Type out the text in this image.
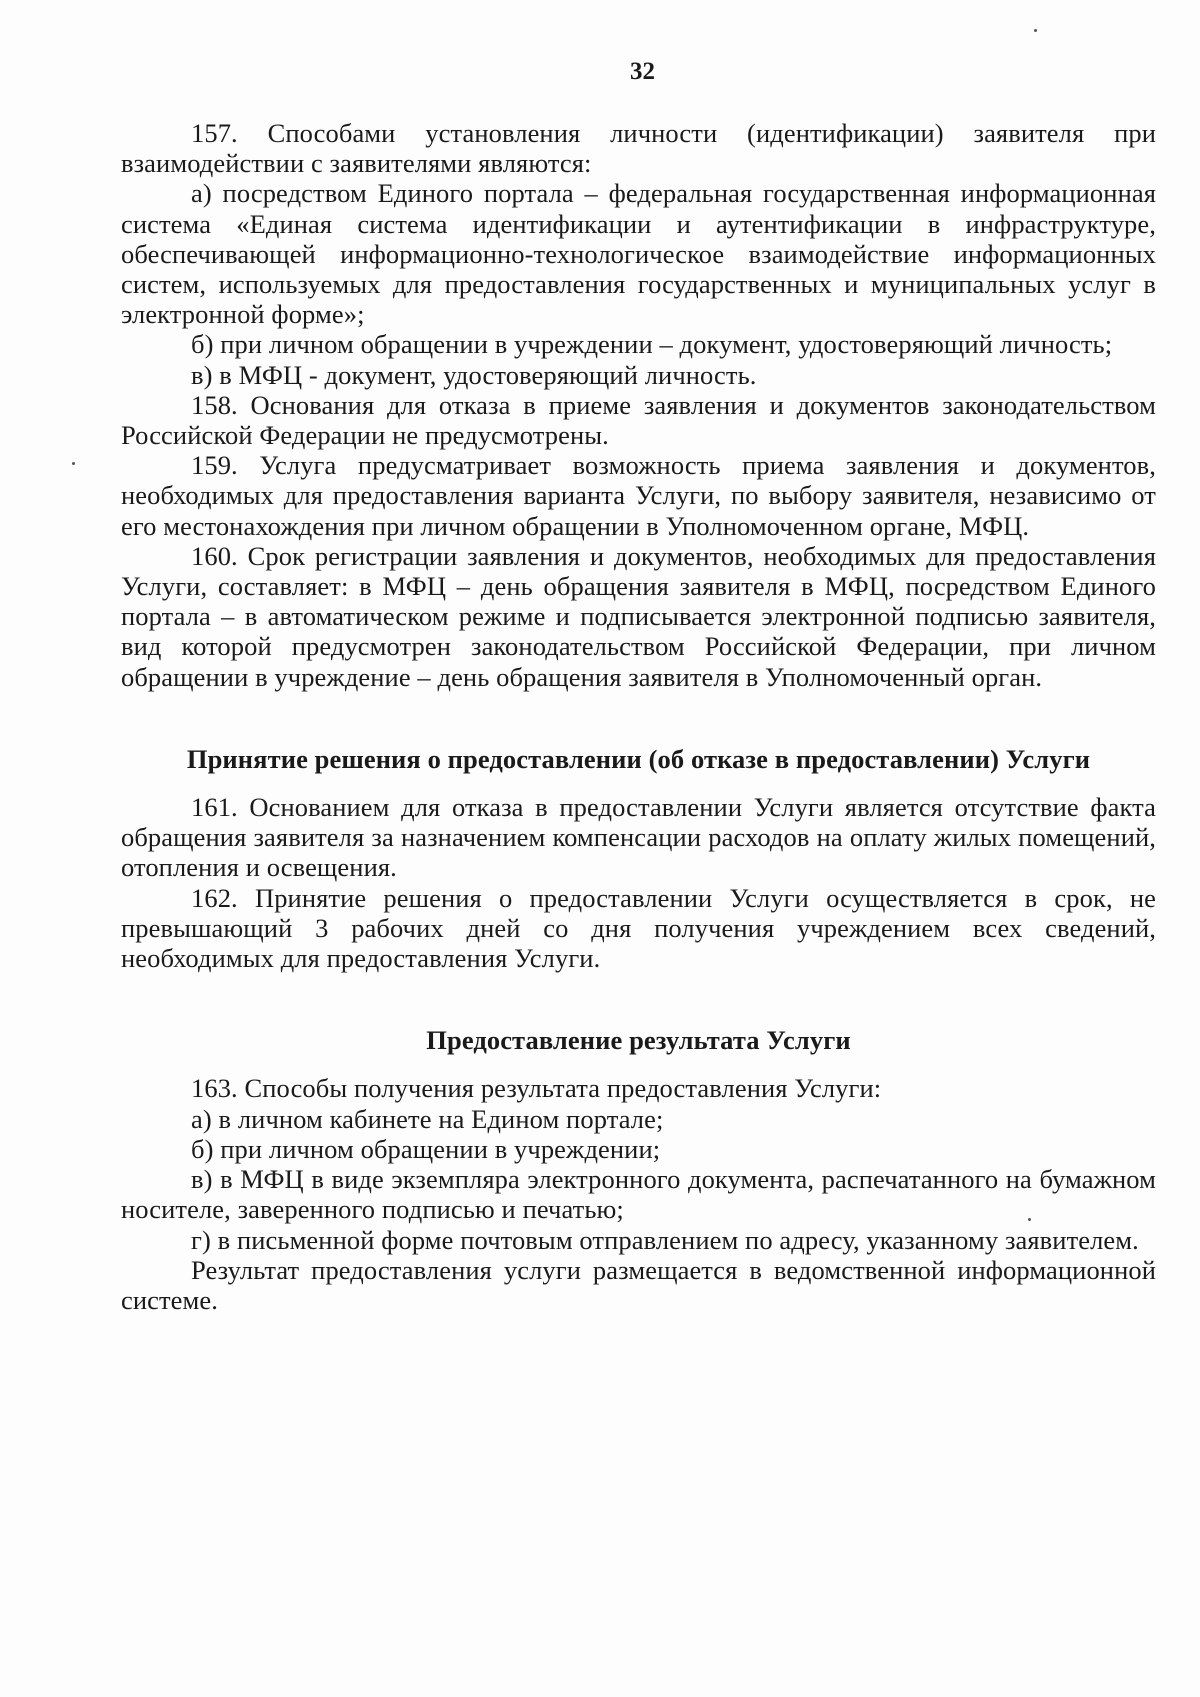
32

157. Способами установления личности (идентификации) заявителя при взаимодействии с заявителями являются:

а) посредством Единого портала – федеральная государственная информационная система «Единая система идентификации и аутентификации в инфраструктуре, обеспечивающей информационно-технологическое взаимодействие информационных систем, используемых для предоставления государственных и муниципальных услуг в электронной форме»;

б) при личном обращении в учреждении – документ, удостоверяющий личность;

в) в МФЦ - документ, удостоверяющий личность.

158. Основания для отказа в приеме заявления и документов законодательством Российской Федерации не предусмотрены.

159. Услуга предусматривает возможность приема заявления и документов, необходимых для предоставления варианта Услуги, по выбору заявителя, независимо от его местонахождения при личном обращении в Уполномоченном органе, МФЦ.

160. Срок регистрации заявления и документов, необходимых для предоставления Услуги, составляет: в МФЦ – день обращения заявителя в МФЦ, посредством Единого портала – в автоматическом режиме и подписывается электронной подписью заявителя, вид которой предусмотрен законодательством Российской Федерации, при личном обращении в учреждение – день обращения заявителя в Уполномоченный орган.

Принятие решения о предоставлении (об отказе в предоставлении) Услуги

161. Основанием для отказа в предоставлении Услуги является отсутствие факта обращения заявителя за назначением компенсации расходов на оплату жилых помещений, отопления и освещения.

162. Принятие решения о предоставлении Услуги осуществляется в срок, не превышающий 3 рабочих дней со дня получения учреждением всех сведений, необходимых для предоставления Услуги.

Предоставление результата Услуги

163. Способы получения результата предоставления Услуги:

а) в личном кабинете на Едином портале;

б) при личном обращении в учреждении;

в) в МФЦ в виде экземпляра электронного документа, распечатанного на бумажном носителе, заверенного подписью и печатью;

г) в письменной форме почтовым отправлением по адресу, указанному заявителем.

Результат предоставления услуги размещается в ведомственной информационной системе.
